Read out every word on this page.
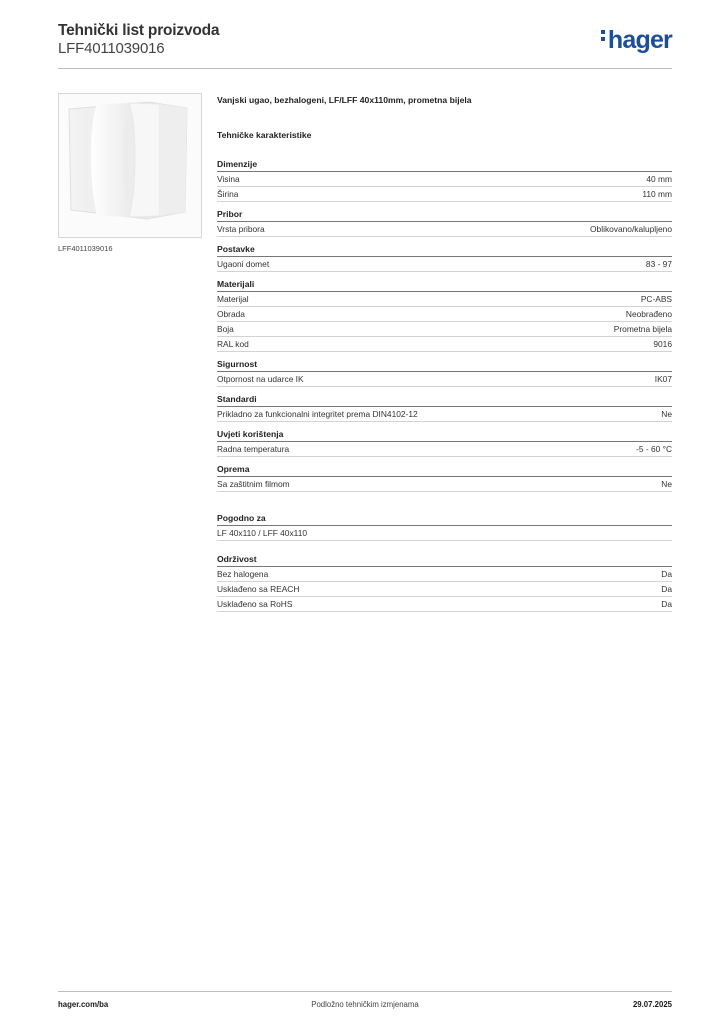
Tehnički list proizvoda
LFF4011039016	hager
LFF4011039016
Vanjski ugao, bezhalogeni, LF/LFF 40x110mm, prometna bijela
Tehničke karakteristike
Dimenzije
Visina	40 mm
Širina	110 mm
Pribor
Vrsta pribora	Oblikovano/kalupljeno
Postavke
Ugaoni domet	83 - 97
Materijali
Materijal	PC-ABS
Obrada	Neobrađeno
Boja	Prometna bijela
RAL kod	9016
Sigurnost
Otpornost na udarce IK	IK07
Standardi
Prikladno za funkcionalni integritet prema DIN4102-12	Ne
Uvjeti korištenja
Radna temperatura	-5 - 60 °C
Oprema
Sa zaštitnim filmom	Ne
Pogodno za
LF 40x110 / LFF 40x110
Održivost
Bez halogena	Da
Usklađeno sa REACH	Da
Usklađeno sa RoHS	Da
hager.com/ba	Podložno tehničkim izmjenama	29.07.2025
